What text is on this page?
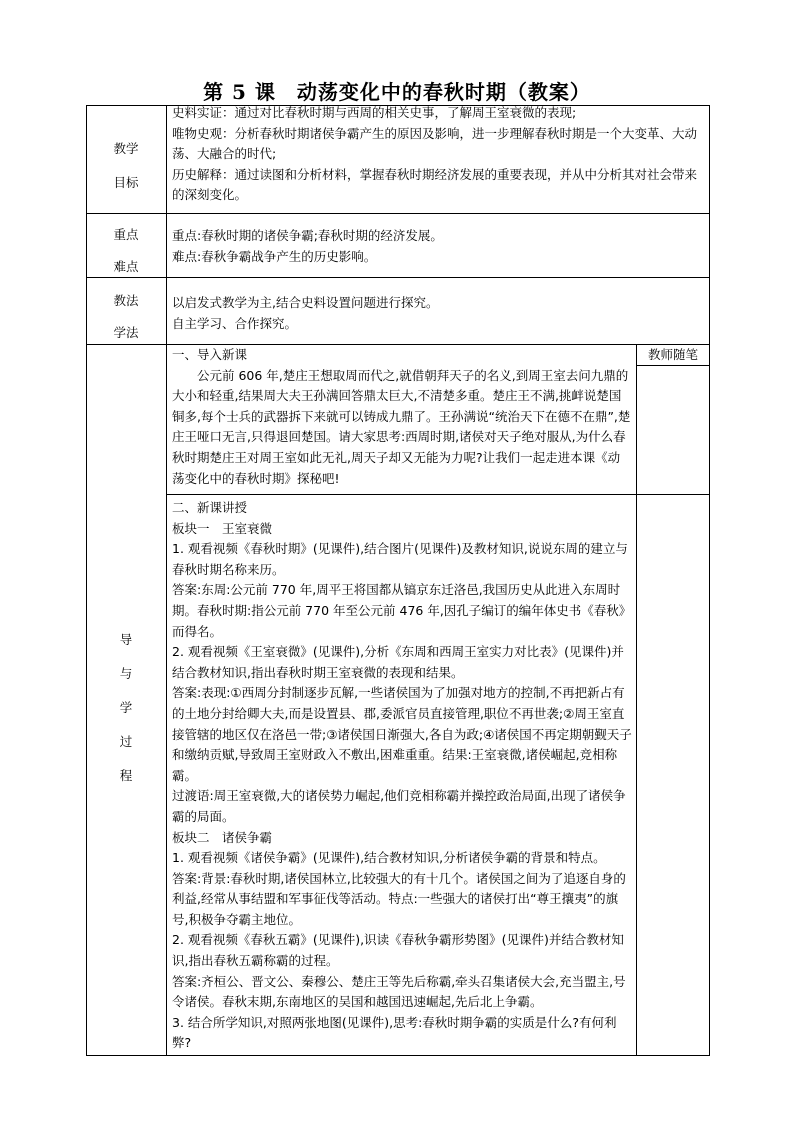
第 5 课　动荡变化中的春秋时期（教案）
教学
目标

史料实证：通过对比春秋时期与西周的相关史事，了解周王室衰微的表现;

唯物史观：分析春秋时期诸侯争霸产生的原因及影响，进一步理解春秋时期是一个大变革、大动荡、大融合的时代;

历史解释：通过读图和分析材料，掌握春秋时期经济发展的重要表现，并从中分析其对社会带来的深刻变化。

重点
难点

重点:春秋时期的诸侯争霸;春秋时期的经济发展。

难点:春秋争霸战争产生的历史影响。

教法
学法

以启发式教学为主,结合史料设置问题进行探究。

自主学习、合作探究。

导
与
学
过
程
教师随笔

一、导入新课

公元前 606 年,楚庄王想取周而代之,就借朝拜天子的名义,到周王室去问九鼎的大小和轻重,结果周大夫王孙满回答鼎太巨大,不清楚多重。楚庄王不满,挑衅说楚国铜多,每个士兵的武器拆下来就可以铸成九鼎了。王孙满说“统治天下在德不在鼎”,楚庄王哑口无言,只得退回楚国。请大家思考:西周时期,诸侯对天子绝对服从,为什么春秋时期楚庄王对周王室如此无礼,周天子却又无能为力呢?让我们一起走进本课《动荡变化中的春秋时期》探秘吧!

二、新课讲授

板块一　王室衰微

1. 观看视频《春秋时期》(见课件),结合图片(见课件)及教材知识,说说东周的建立与春秋时期名称来历。

答案:东周:公元前 770 年,周平王将国都从镐京东迁洛邑,我国历史从此进入东周时期。春秋时期:指公元前 770 年至公元前 476 年,因孔子编订的编年体史书《春秋》而得名。

2. 观看视频《王室衰微》(见课件),分析《东周和西周王室实力对比表》(见课件)并结合教材知识,指出春秋时期王室衰微的表现和结果。

答案:表现:①西周分封制逐步瓦解,一些诸侯国为了加强对地方的控制,不再把新占有的土地分封给卿大夫,而是设置县、郡,委派官员直接管理,职位不再世袭;②周王室直接管辖的地区仅在洛邑一带;③诸侯国日渐强大,各自为政;④诸侯国不再定期朝觐天子和缴纳贡赋,导致周王室财政入不敷出,困难重重。结果:王室衰微,诸侯崛起,竞相称霸。

过渡语:周王室衰微,大的诸侯势力崛起,他们竞相称霸并操控政治局面,出现了诸侯争霸的局面。

板块二　诸侯争霸

1. 观看视频《诸侯争霸》(见课件),结合教材知识,分析诸侯争霸的背景和特点。

答案:背景:春秋时期,诸侯国林立,比较强大的有十几个。诸侯国之间为了追逐自身的利益,经常从事结盟和军事征伐等活动。特点:一些强大的诸侯打出“尊王攘夷”的旗号,积极争夺霸主地位。

2. 观看视频《春秋五霸》(见课件),识读《春秋争霸形势图》(见课件)并结合教材知识,指出春秋五霸称霸的过程。

答案:齐桓公、晋文公、秦穆公、楚庄王等先后称霸,牵头召集诸侯大会,充当盟主,号令诸侯。春秋末期,东南地区的吴国和越国迅速崛起,先后北上争霸。

3. 结合所学知识,对照两张地图(见课件),思考:春秋时期争霸的实质是什么?有何利弊?
